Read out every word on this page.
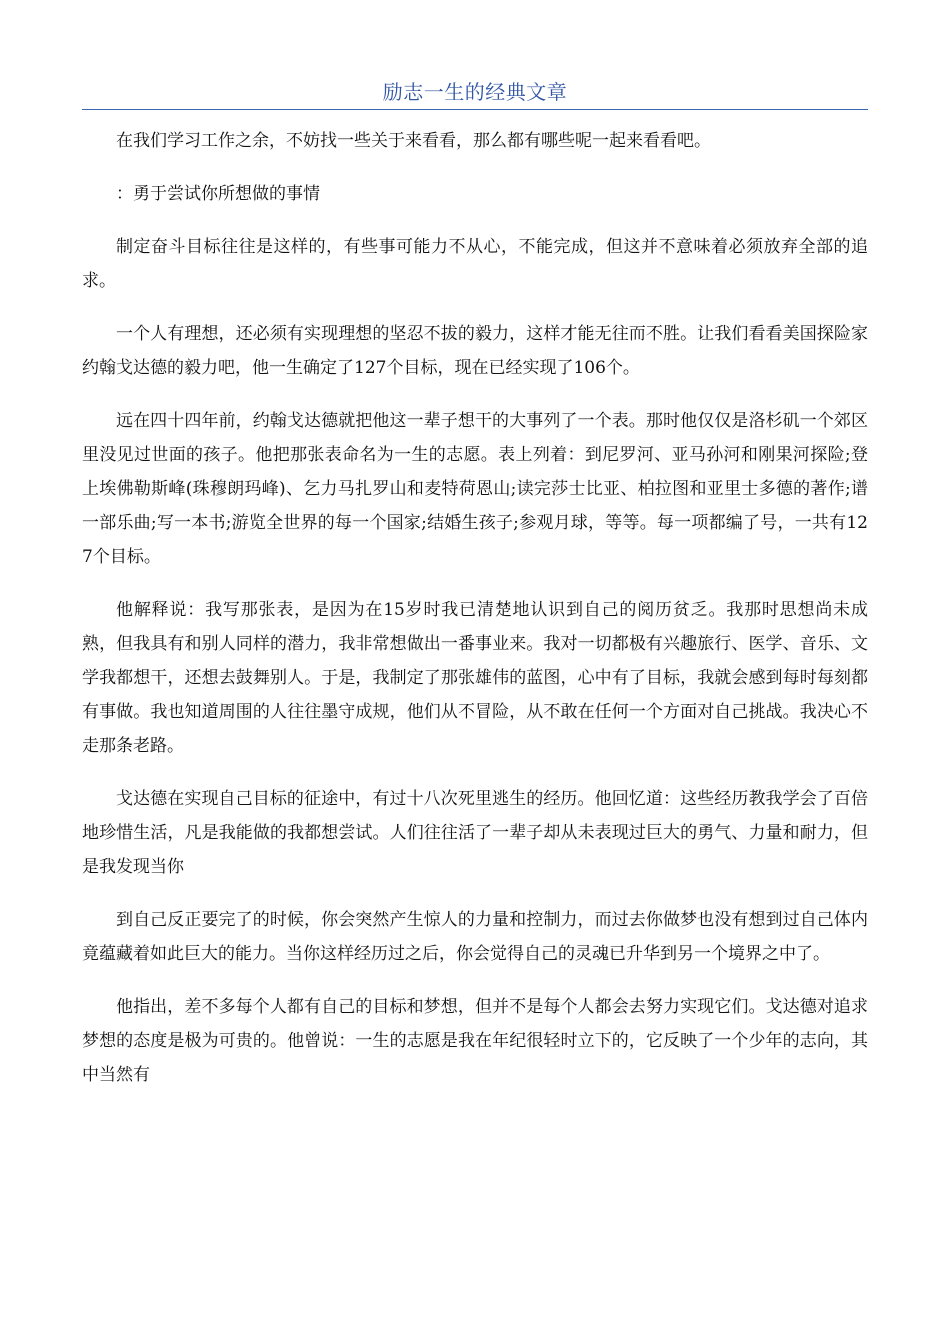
励志一生的经典文章

在我们学习工作之余，不妨找一些关于来看看，那么都有哪些呢一起来看看吧。

：勇于尝试你所想做的事情

制定奋斗目标往往是这样的，有些事可能力不从心，不能完成，但这并不意味着必须放弃全部的追求。

一个人有理想，还必须有实现理想的坚忍不拔的毅力，这样才能无往而不胜。让我们看看美国探险家约翰戈达德的毅力吧，他一生确定了127个目标，现在已经实现了106个。

远在四十四年前，约翰戈达德就把他这一辈子想干的大事列了一个表。那时他仅仅是洛杉矶一个郊区里没见过世面的孩子。他把那张表命名为一生的志愿。表上列着：到尼罗河、亚马孙河和刚果河探险;登上埃佛勒斯峰(珠穆朗玛峰)、乞力马扎罗山和麦特荷恩山;读完莎士比亚、柏拉图和亚里士多德的著作;谱一部乐曲;写一本书;游览全世界的每一个国家;结婚生孩子;参观月球，等等。每一项都编了号，一共有127个目标。

他解释说：我写那张表，是因为在15岁时我已清楚地认识到自己的阅历贫乏。我那时思想尚未成熟，但我具有和别人同样的潜力，我非常想做出一番事业来。我对一切都极有兴趣旅行、医学、音乐、文学我都想干，还想去鼓舞别人。于是，我制定了那张雄伟的蓝图，心中有了目标，我就会感到每时每刻都有事做。我也知道周围的人往往墨守成规，他们从不冒险，从不敢在任何一个方面对自己挑战。我决心不走那条老路。

戈达德在实现自己目标的征途中，有过十八次死里逃生的经历。他回忆道：这些经历教我学会了百倍地珍惜生活，凡是我能做的我都想尝试。人们往往活了一辈子却从未表现过巨大的勇气、力量和耐力，但是我发现当你

到自己反正要完了的时候，你会突然产生惊人的力量和控制力，而过去你做梦也没有想到过自己体内竟蕴藏着如此巨大的能力。当你这样经历过之后，你会觉得自己的灵魂已升华到另一个境界之中了。

他指出，差不多每个人都有自己的目标和梦想，但并不是每个人都会去努力实现它们。戈达德对追求梦想的态度是极为可贵的。他曾说：一生的志愿是我在年纪很轻时立下的，它反映了一个少年的志向，其中当然有
